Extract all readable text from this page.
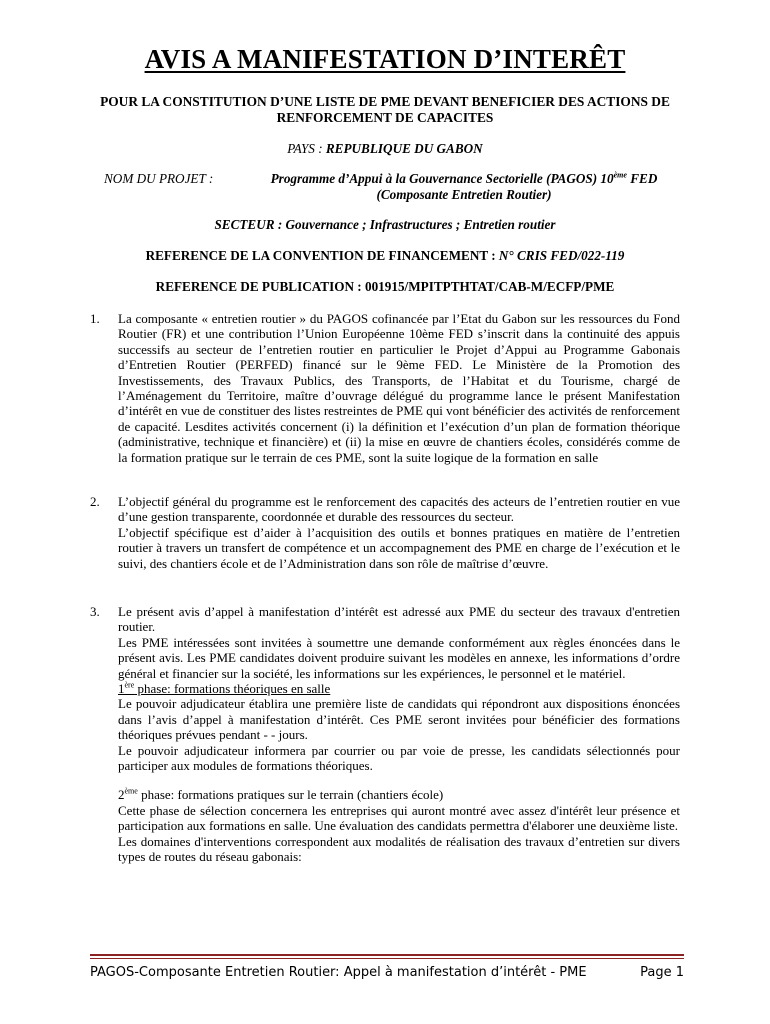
AVIS A MANIFESTATION D’INTERÊT
POUR LA CONSTITUTION D’UNE LISTE DE PME DEVANT BENEFICIER DES ACTIONS DE RENFORCEMENT DE CAPACITES
PAYS : REPUBLIQUE DU GABON
NOM DU PROJET :	Programme d’Appui à la Gouvernance Sectorielle (PAGOS) 10ème FED
(Composante Entretien Routier)
SECTEUR : Gouvernance ; Infrastructures ; Entretien routier
REFERENCE DE LA CONVENTION DE FINANCEMENT : N° CRIS FED/022-119
REFERENCE DE PUBLICATION : 001915/MPITPTHTAT/CAB-M/ECFP/PME
1. La composante « entretien routier » du PAGOS cofinancée par l’Etat du Gabon sur les ressources du Fond Routier (FR) et une contribution l’Union Européenne 10ème FED s’inscrit dans la continuité des appuis successifs au secteur de l’entretien routier en particulier le Projet d’Appui au Programme Gabonais d’Entretien Routier (PERFED) financé sur le 9ème FED. Le Ministère de la Promotion des Investissements, des Travaux Publics, des Transports, de l’Habitat et du Tourisme, chargé de l’Aménagement du Territoire, maître d’ouvrage délégué du programme lance le présent Manifestation d’intérêt en vue de constituer des listes restreintes de PME qui vont bénéficier des activités de renforcement de capacité. Lesdites activités concernent (i) la définition et l’exécution d’un plan de formation théorique (administrative, technique et financière) et (ii) la mise en œuvre de chantiers écoles, considérés comme de la formation pratique sur le terrain de ces PME, sont la suite logique de la formation en salle

2. L’objectif général du programme est le renforcement des capacités des acteurs de l’entretien routier en vue d’une gestion transparente, coordonnée et durable des ressources du secteur.

L’objectif spécifique est d’aider à l’acquisition des outils et bonnes pratiques en matière de l’entretien routier à travers un transfert de compétence et un accompagnement des PME en charge de l’exécution et le suivi, des chantiers école et de l’Administration dans son rôle de maîtrise d’œuvre.

3. Le présent avis d’appel à manifestation d’intérêt est adressé aux PME du secteur des travaux d'entretien routier.

Les PME intéressées sont invitées à soumettre une demande conformément aux règles énoncées dans le présent avis. Les PME candidates doivent produire suivant les modèles en annexe, les informations d’ordre général et financier sur la société, les informations sur les expériences, le personnel et le matériel.

1ère phase: formations théoriques en salle

Le pouvoir adjudicateur établira une première liste de candidats qui répondront aux dispositions énoncées dans l’avis d’appel à manifestation d’intérêt. Ces PME seront invitées pour bénéficier des formations théoriques prévues pendant - - jours.

Le pouvoir adjudicateur informera par courrier ou par voie de presse, les candidats sélectionnés pour participer aux modules de formations théoriques.

2ème phase: formations pratiques sur le terrain (chantiers école)

Cette phase de sélection concernera les entreprises qui auront montré avec assez d'intérêt leur présence et participation aux formations en salle. Une évaluation des candidats permettra d'élaborer une deuxième liste.

Les domaines d'interventions correspondent aux modalités de réalisation des travaux d’entretien sur divers types de routes du réseau gabonais:

PAGOS-Composante Entretien Routier: Appel à manifestation d’intérêt - PME	Page 1
